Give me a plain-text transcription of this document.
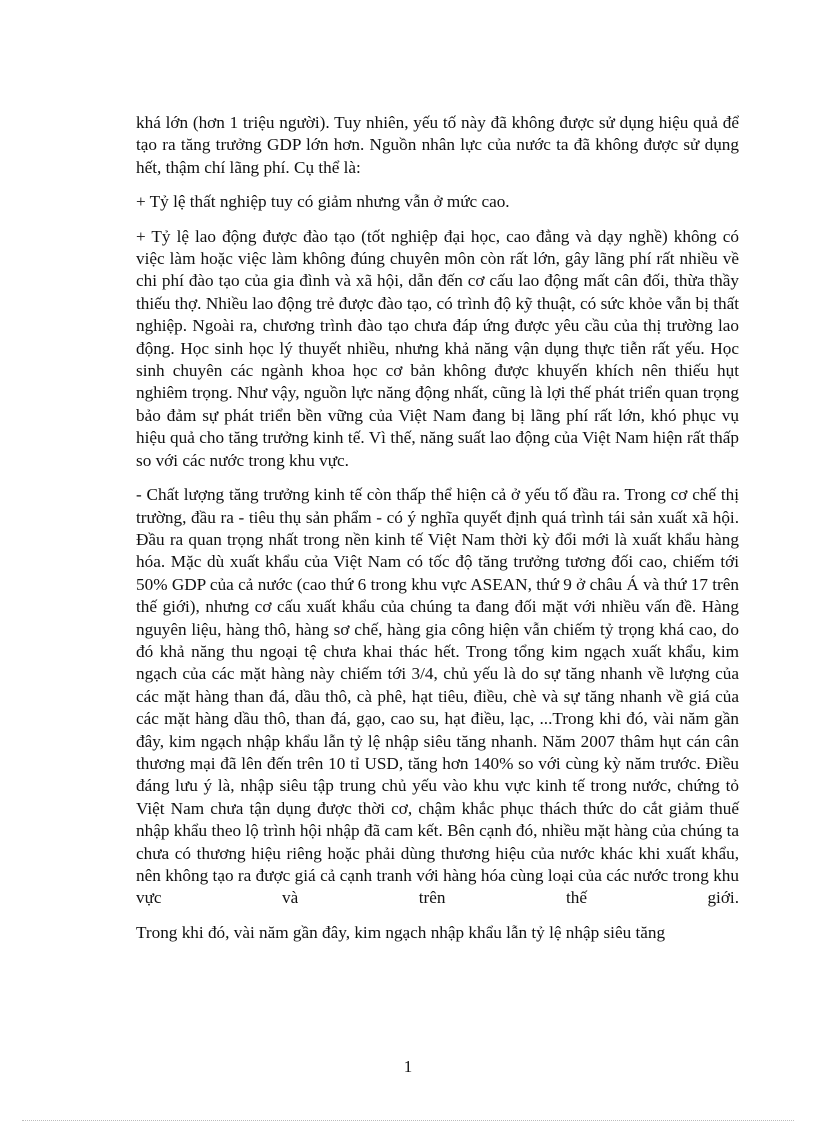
khá lớn (hơn 1 triệu người). Tuy nhiên, yếu tố này đã không được sử dụng hiệu quả để tạo ra tăng trưởng GDP lớn hơn. Nguồn nhân lực của nước ta đã không được sử dụng hết, thậm chí lãng phí. Cụ thể là:

+ Tỷ lệ thất nghiệp tuy có giảm nhưng vẫn ở mức cao.

+ Tỷ lệ lao động được đào tạo (tốt nghiệp đại học, cao đẳng và dạy nghề) không có việc làm hoặc việc làm không đúng chuyên môn còn rất lớn, gây lãng phí rất nhiều về chi phí đào tạo của gia đình và xã hội, dẫn đến cơ cấu lao động mất cân đối, thừa thầy thiếu thợ. Nhiều lao động trẻ được đào tạo, có trình độ kỹ thuật, có sức khỏe vẫn bị thất nghiệp. Ngoài ra, chương trình đào tạo chưa đáp ứng được yêu cầu của thị trường lao động. Học sinh học lý thuyết nhiều, nhưng khả năng vận dụng thực tiễn rất yếu. Học sinh chuyên các ngành khoa học cơ bản không được khuyến khích nên thiếu hụt nghiêm trọng. Như vậy, nguồn lực năng động nhất, cũng là lợi thế phát triển quan trọng bảo đảm sự phát triển bền vững của Việt Nam đang bị lãng phí rất lớn, khó phục vụ hiệu quả cho tăng trưởng kinh tế. Vì thế, năng suất lao động của Việt Nam hiện rất thấp so với các nước trong khu vực.

- Chất lượng tăng trưởng kinh tế còn thấp thể hiện cả ở yếu tố đầu ra. Trong cơ chế thị trường, đầu ra - tiêu thụ sản phẩm - có ý nghĩa quyết định quá trình tái sản xuất xã hội. Đầu ra quan trọng nhất trong nền kinh tế Việt Nam thời kỳ đổi mới là xuất khẩu hàng hóa. Mặc dù xuất khẩu của Việt Nam có tốc độ tăng trưởng tương đối cao, chiếm tới 50% GDP của cả nước (cao thứ 6 trong khu vực ASEAN, thứ 9 ở châu Á và thứ 17 trên thế giới), nhưng cơ cấu xuất khẩu của chúng ta đang đối mặt với nhiều vấn đề. Hàng nguyên liệu, hàng thô, hàng sơ chế, hàng gia công hiện vẫn chiếm tỷ trọng khá cao, do đó khả năng thu ngoại tệ chưa khai thác hết. Trong tổng kim ngạch xuất khẩu, kim ngạch của các mặt hàng này chiếm tới 3/4, chủ yếu là do sự tăng nhanh về lượng của các mặt hàng than đá, dầu thô, cà phê, hạt tiêu, điều, chè và sự tăng nhanh về giá của các mặt hàng dầu thô, than đá, gạo, cao su, hạt điều, lạc, ...Trong khi đó, vài năm gần đây, kim ngạch nhập khẩu lẫn tỷ lệ nhập siêu tăng nhanh. Năm 2007 thâm hụt cán cân thương mại đã lên đến trên 10 tỉ USD, tăng hơn 140% so với cùng kỳ năm trước. Điều đáng lưu ý là, nhập siêu tập trung chủ yếu vào khu vực kinh tế trong nước, chứng tỏ Việt Nam chưa tận dụng được thời cơ, chậm khắc phục thách thức do cắt giảm thuế nhập khẩu theo lộ trình hội nhập đã cam kết. Bên cạnh đó, nhiều mặt hàng của chúng ta chưa có thương hiệu riêng hoặc phải dùng thương hiệu của nước khác khi xuất khẩu, nên không tạo ra được giá cả cạnh tranh với hàng hóa cùng loại của các nước trong khu vực và trên thế giới.

Trong khi đó, vài năm gần đây, kim ngạch nhập khẩu lẫn tỷ lệ nhập siêu tăng

1
